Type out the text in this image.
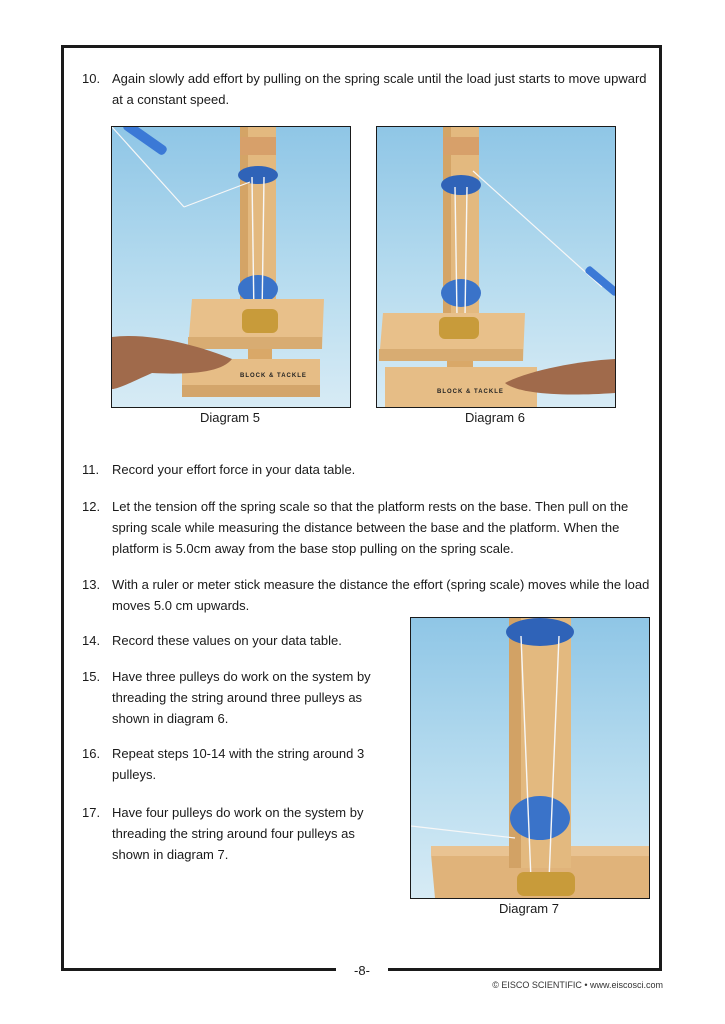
10. Again slowly add effort by pulling on the spring scale until the load just starts to move upward at a constant speed.
BLOCK & TACKLE
Diagram 5
BLOCK & TACKLE
Diagram 6
11. Record your effort force in your data table.
12. Let the tension off the spring scale so that the platform rests on the base. Then pull on the spring scale while measuring the distance between the base and the platform. When the platform is 5.0cm away from the base stop pulling on the spring scale.
13. With a ruler or meter stick measure the distance the effort (spring scale) moves while the load moves 5.0 cm upwards.
14. Record these values on your data table.
15. Have three pulleys do work on the system by threading the string around three pulleys as shown in diagram 6.
16. Repeat steps 10-14 with the string around 3 pulleys.
17. Have four pulleys do work on the system by threading the string around four pulleys as shown in diagram 7.
Diagram 7
-8-
© EISCO SCIENTIFIC • www.eiscosci.com
